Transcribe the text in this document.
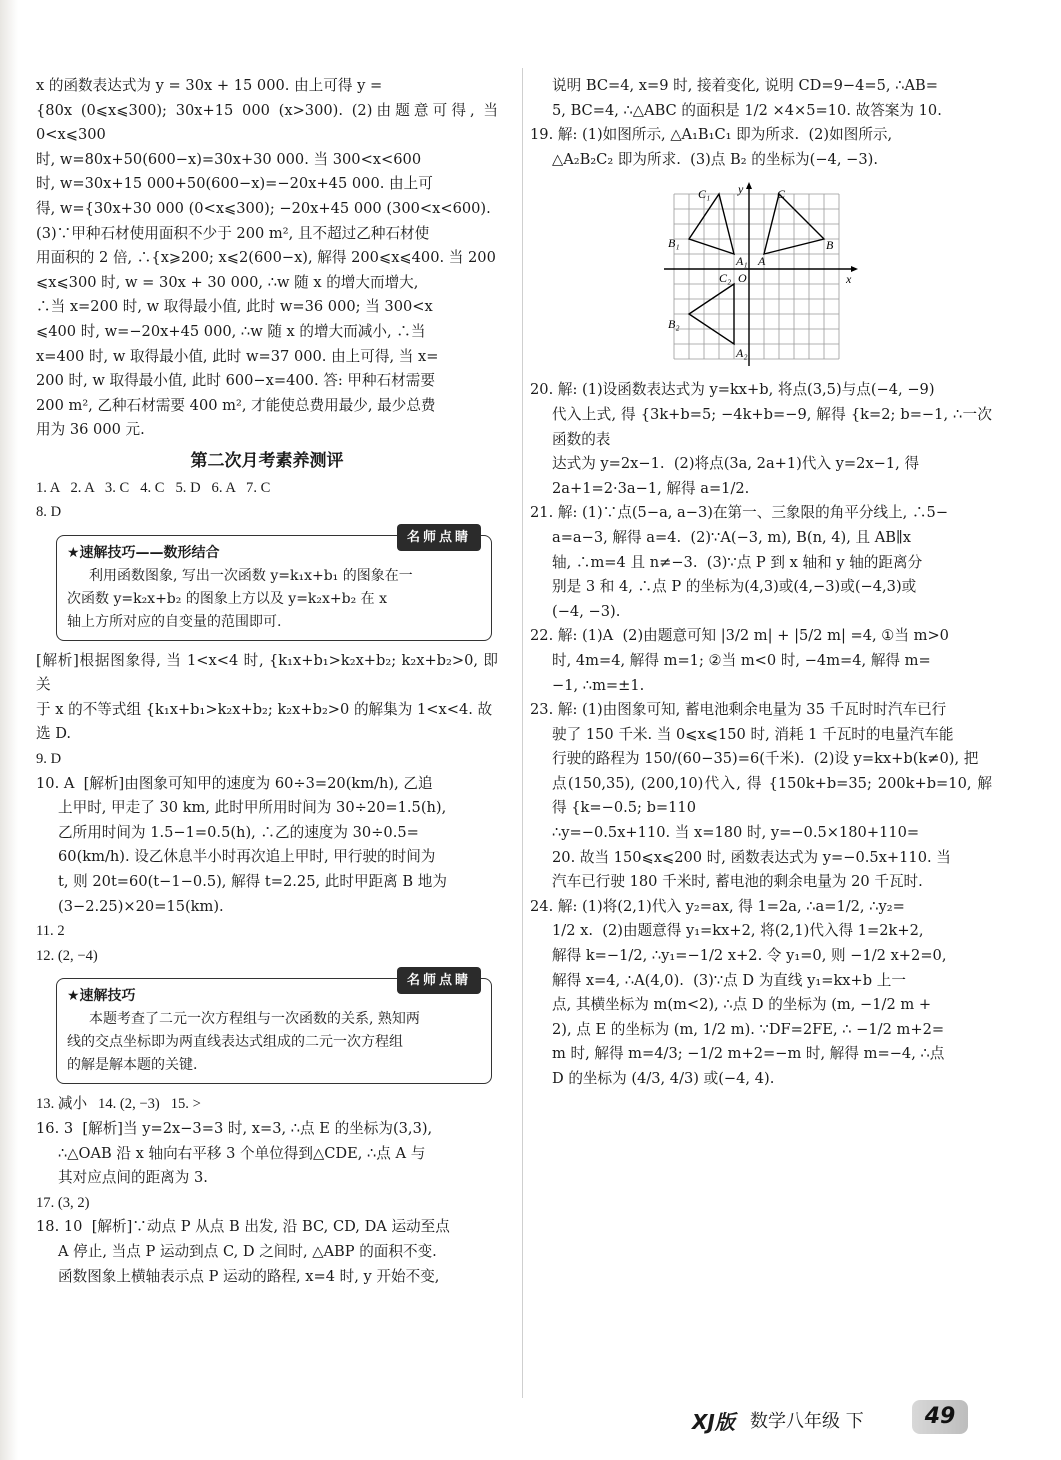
x 的函数表达式为 y = 30x + 15 000. 由上可得 y =

{80x (0⩽x⩽300); 30x+15 000 (x>300). (2)由题意可得, 当 0<x⩽300

时, w=80x+50(600−x)=30x+30 000. 当 300<x<600

时, w=30x+15 000+50(600−x)=−20x+45 000. 由上可

得, w={30x+30 000 (0<x⩽300); −20x+45 000 (300<x<600).

(3)∵甲种石材使用面积不少于 200 m², 且不超过乙种石材使

用面积的 2 倍, ∴{x⩾200; x⩽2(600−x), 解得 200⩽x⩽400. 当 200

⩽x⩽300 时, w = 30x + 30 000, ∴w 随 x 的增大而增大,

∴当 x=200 时, w 取得最小值, 此时 w=36 000; 当 300<x

⩽400 时, w=−20x+45 000, ∴w 随 x 的增大而减小, ∴当

x=400 时, w 取得最小值, 此时 w=37 000. 由上可得, 当 x=

200 时, w 取得最小值, 此时 600−x=400. 答: 甲种石材需要

200 m², 乙种石材需要 400 m², 才能使总费用最少, 最少总费

用为 36 000 元.

第二次月考素养测评

1. A   2. A   3. C   4. C   5. D   6. A   7. C

8. D

名师点睛
★速解技巧——数形结合
利用函数图象, 写出一次函数 y=k₁x+b₁ 的图象在一
次函数 y=k₂x+b₂ 的图象上方以及 y=k₂x+b₂ 在 x
轴上方所对应的自变量的范围即可.

[解析]根据图象得, 当 1<x<4 时, {k₁x+b₁>k₂x+b₂; k₂x+b₂>0, 即关

于 x 的不等式组 {k₁x+b₁>k₂x+b₂; k₂x+b₂>0 的解集为 1<x<4. 故

选 D.

9. D

10. A  [解析]由图象可知甲的速度为 60÷3=20(km/h), 乙追

上甲时, 甲走了 30 km, 此时甲所用时间为 30÷20=1.5(h),

乙所用时间为 1.5−1=0.5(h), ∴乙的速度为 30÷0.5=

60(km/h). 设乙休息半小时再次追上甲时, 甲行驶的时间为

t, 则 20t=60(t−1−0.5), 解得 t=2.25, 此时甲距离 B 地为

(3−2.25)×20=15(km).

11. 2

12. (2, −4)

名师点睛
★速解技巧
本题考查了二元一次方程组与一次函数的关系, 熟知两
线的交点坐标即为两直线表达式组成的二元一次方程组
的解是解本题的关键.

13. 减小   14. (2, −3)   15. >

16. 3  [解析]当 y=2x−3=3 时, x=3, ∴点 E 的坐标为(3,3),

∴△OAB 沿 x 轴向右平移 3 个单位得到△CDE, ∴点 A 与

其对应点间的距离为 3.

17. (3, 2)

18. 10  [解析]∵动点 P 从点 B 出发, 沿 BC, CD, DA 运动至点

A 停止, 当点 P 运动到点 C, D 之间时, △ABP 的面积不变.

函数图象上横轴表示点 P 运动的路程, x=4 时, y 开始不变,

说明 BC=4, x=9 时, 接着变化, 说明 CD=9−4=5, ∴AB=

5, BC=4, ∴△ABC 的面积是 1/2 ×4×5=10. 故答案为 10.

19. 解: (1)如图所示, △A₁B₁C₁ 即为所求.  (2)如图所示,

△A₂B₂C₂ 即为所求.  (3)点 B₂ 的坐标为(−4, −3).

y
x
O
C₁
B₁
A₁
C
B
A
C₂
B₂
A₂

20. 解: (1)设函数表达式为 y=kx+b, 将点(3,5)与点(−4, −9)

代入上式, 得 {3k+b=5; −4k+b=−9, 解得 {k=2; b=−1, ∴一次函数的表

达式为 y=2x−1.  (2)将点(3a, 2a+1)代入 y=2x−1, 得

2a+1=2·3a−1, 解得 a=1/2.

21. 解: (1)∵点(5−a, a−3)在第一、三象限的角平分线上, ∴5−

a=a−3, 解得 a=4.  (2)∵A(−3, m), B(n, 4), 且 AB∥x

轴, ∴m=4 且 n≠−3.  (3)∵点 P 到 x 轴和 y 轴的距离分

别是 3 和 4, ∴点 P 的坐标为(4,3)或(4,−3)或(−4,3)或

(−4, −3).

22. 解: (1)A  (2)由题意可知 |3/2 m| + |5/2 m| =4, ①当 m>0

时, 4m=4, 解得 m=1; ②当 m<0 时, −4m=4, 解得 m=

−1, ∴m=±1.

23. 解: (1)由图象可知, 蓄电池剩余电量为 35 千瓦时时汽车已行

驶了 150 千米. 当 0⩽x⩽150 时, 消耗 1 千瓦时的电量汽车能

行驶的路程为 150/(60−35)=6(千米).  (2)设 y=kx+b(k≠0), 把

点(150,35), (200,10)代入, 得 {150k+b=35; 200k+b=10, 解得 {k=−0.5; b=110

∴y=−0.5x+110. 当 x=180 时, y=−0.5×180+110=

20. 故当 150⩽x⩽200 时, 函数表达式为 y=−0.5x+110. 当

汽车已行驶 180 千米时, 蓄电池的剩余电量为 20 千瓦时.

24. 解: (1)将(2,1)代入 y₂=ax, 得 1=2a, ∴a=1/2, ∴y₂=

1/2 x.  (2)由题意得 y₁=kx+2, 将(2,1)代入得 1=2k+2,

解得 k=−1/2, ∴y₁=−1/2 x+2. 令 y₁=0, 则 −1/2 x+2=0,

解得 x=4, ∴A(4,0).  (3)∵点 D 为直线 y₁=kx+b 上一

点, 其横坐标为 m(m<2), ∴点 D 的坐标为 (m, −1/2 m +

2), 点 E 的坐标为 (m, 1/2 m). ∵DF=2FE, ∴ −1/2 m+2=

m 时, 解得 m=4/3; −1/2 m+2=−m 时, 解得 m=−4, ∴点

D 的坐标为 (4/3, 4/3) 或(−4, 4).

XJ版 数学八年级 下	49
